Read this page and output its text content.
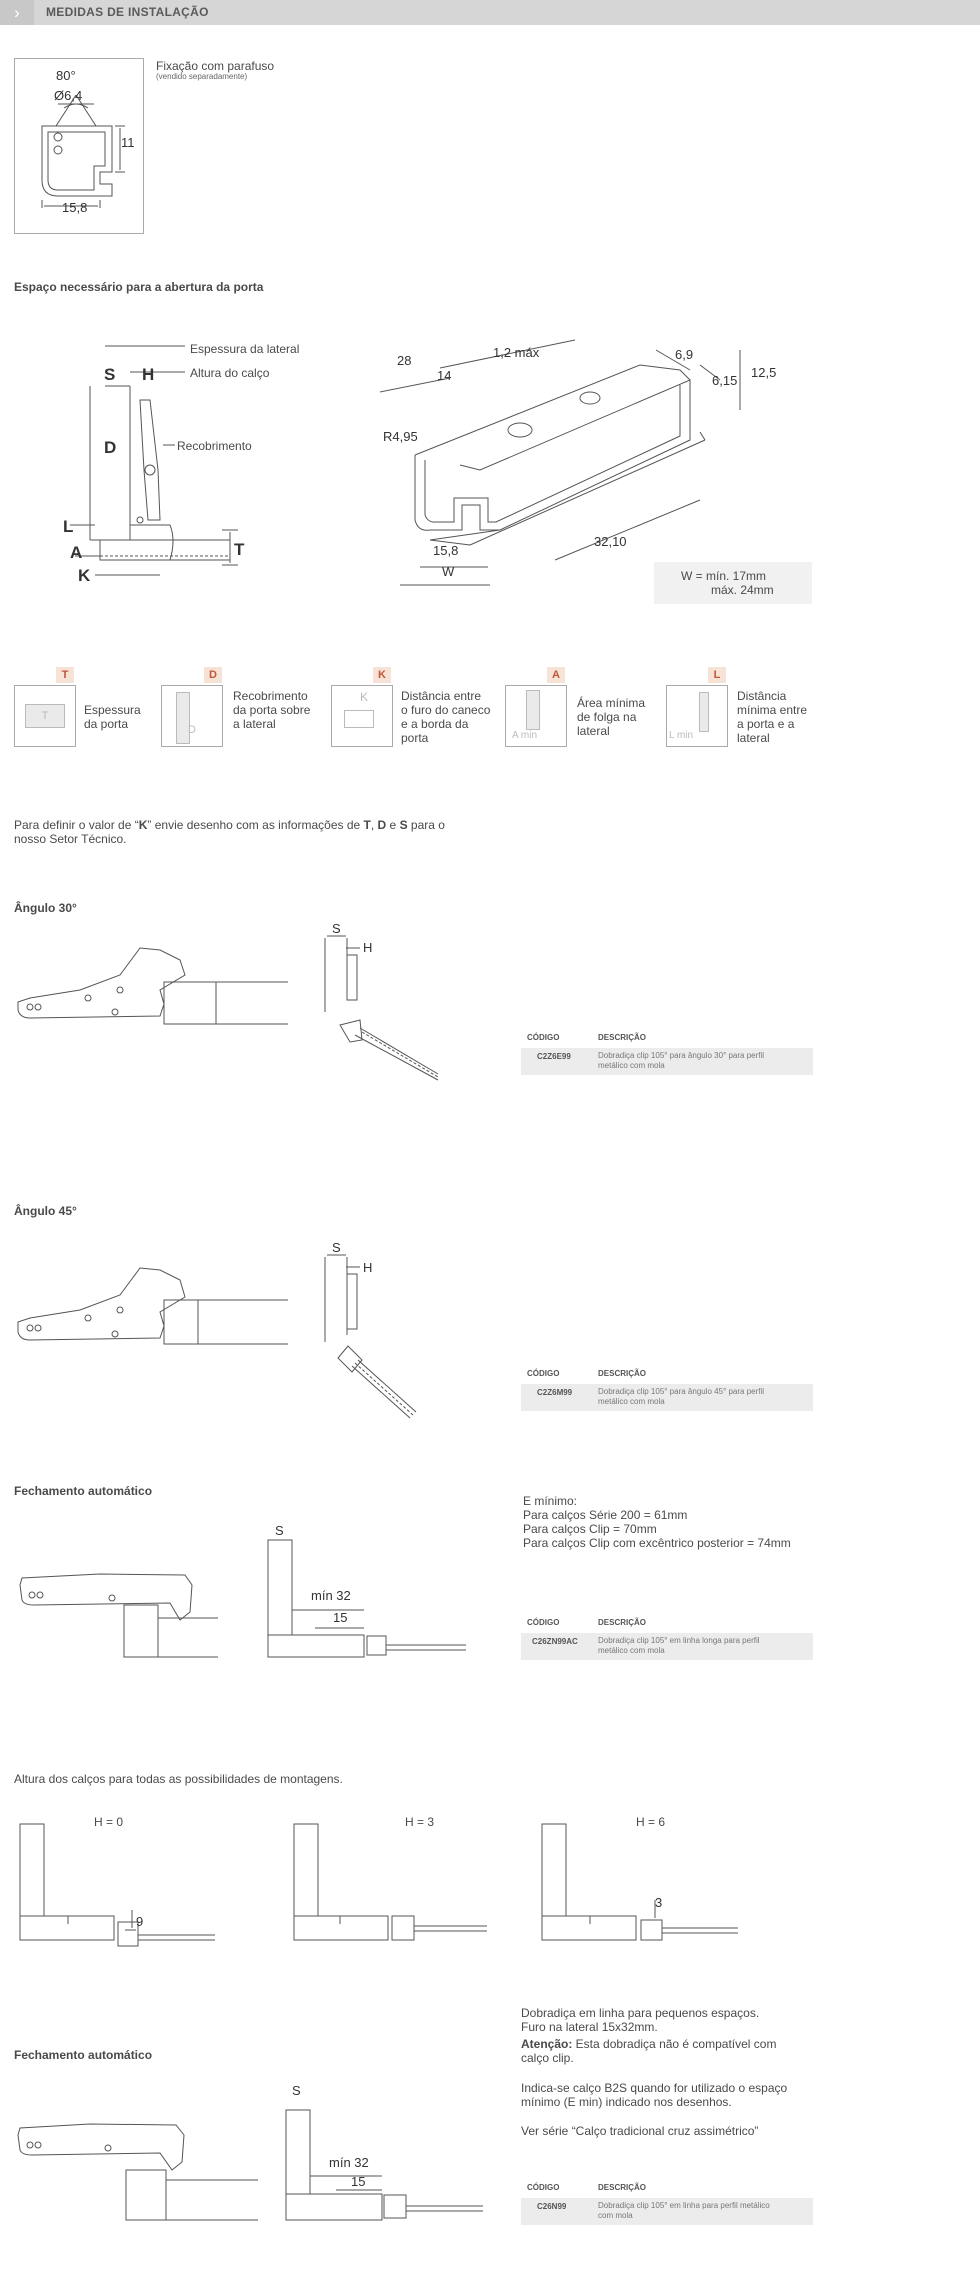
›	MEDIDAS DE INSTALAÇÃO
80°
Ø6,4
11
15,8
Fixação com parafuso
(vendido separadamente)
Espaço necessário para a abertura da porta
S H
D
L
A
K
T
Espessura da lateral
Altura do calço
Recobrimento
28
14
1,2 máx	6,9
6,15
12,5
R4,95
15,8
32,10
W	W = mín. 17mm
máx. 24mm
T
T	Espessura da porta
D
D
Recobrimento da porta sobre a lateral
K
K	Distância entre o furo do caneco e a borda da porta
A
A min
Área mínima de folga na lateral
L
L min
Distância mínima entre a porta e a lateral
Para definir o valor de “K” envie desenho com as informações de T, D e S para o
nosso Setor Técnico.
Ângulo 30°
S
H
CÓDIGO	DESCRIÇÃO
C2Z6E99	Dobradiça clip 105° para ângulo 30° para perfil
metálico com mola
Ângulo 45°
S
H
CÓDIGO	DESCRIÇÃO
C2Z6M99	Dobradiça clip 105° para ângulo 45° para perfil
metálico com mola
Fechamento automático
S
mín 32
15
E mínimo:
Para calços Série 200 = 61mm
Para calços Clip = 70mm
Para calços Clip com excêntrico posterior = 74mm
CÓDIGO	DESCRIÇÃO
C26ZN99AC	Dobradiça clip 105° em linha longa para perfil
metálico com mola
Altura dos calços para todas as possibilidades de montagens.
H = 0	H = 3	H = 6
9
3
Fechamento automático
Dobradiça em linha para pequenos espaços.
Furo na lateral 15x32mm.
Atenção: Esta dobradiça não é compatível com
calço clip.
Indica-se calço B2S quando for utilizado o espaço
mínimo (E min) indicado nos desenhos.
Ver série “Calço tradicional cruz assimétrico”
S
mín 32
15	CÓDIGO	DESCRIÇÃO
C26N99	Dobradiça clip 105° em linha para perfil metálico
com mola
